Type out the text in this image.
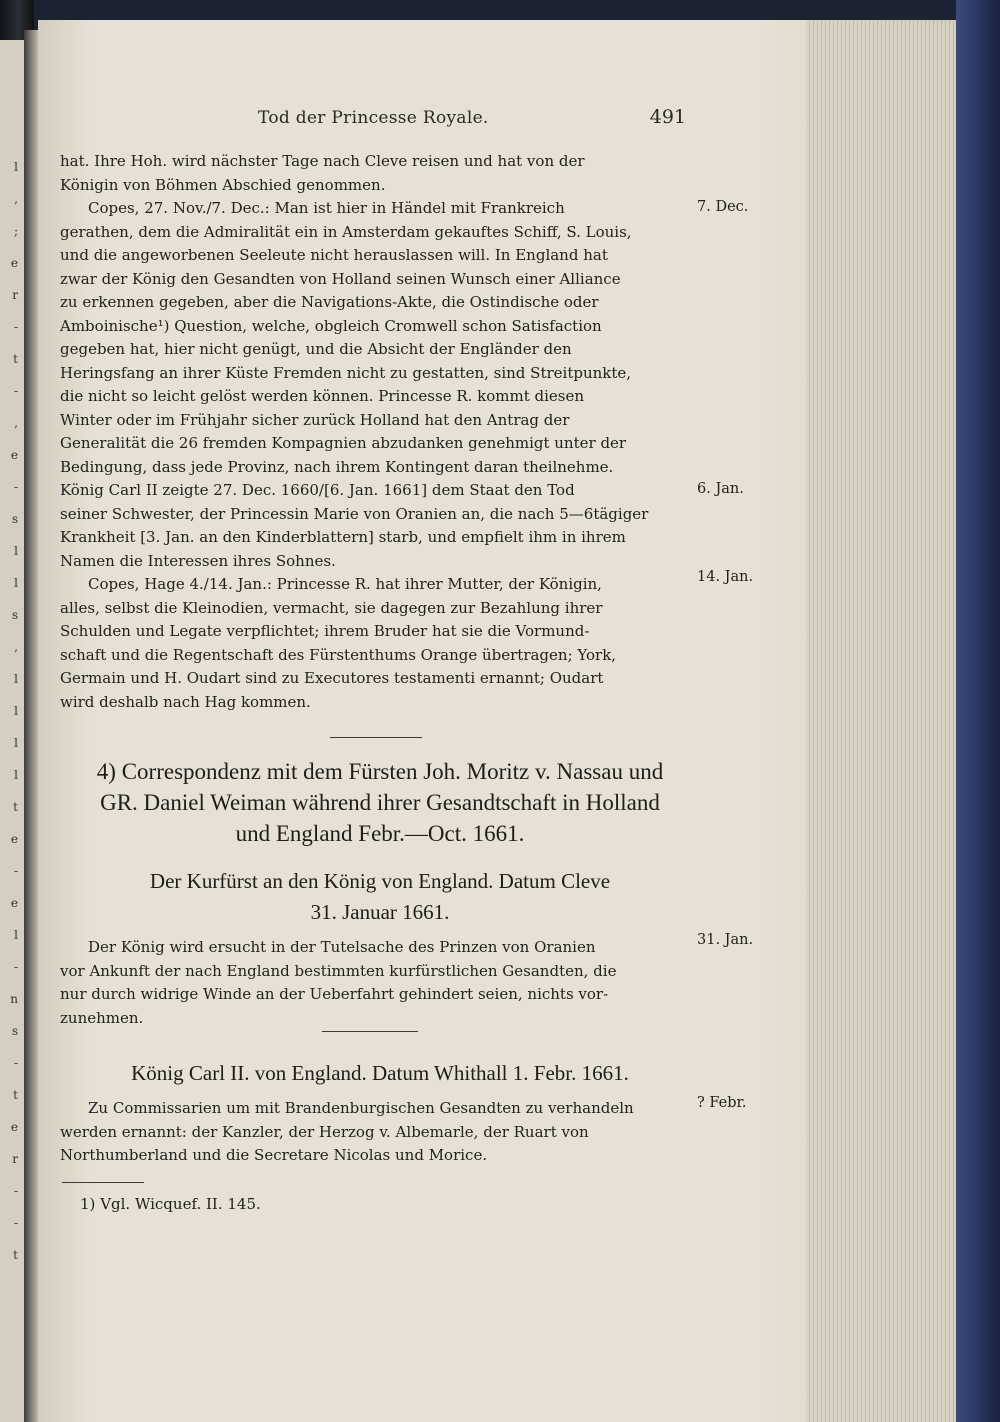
l
,
;
e
r
-
t
-
,
e
-
s
l
l
s
,
l
l
l
l
t
e
-
e
l
-
n
s
-
t
e
r
-
-
t
Tod der Princesse Royale.	491
hat. Ihre Hoh. wird nächster Tage nach Cleve reisen und hat von der
Königin von Böhmen Abschied genommen.
Copes, 27. Nov./7. Dec.: Man ist hier in Händel mit Frankreich
gerathen, dem die Admiralität ein in Amsterdam gekauftes Schiff, S. Louis,
und die angeworbenen Seeleute nicht herauslassen will. In England hat
zwar der König den Gesandten von Holland seinen Wunsch einer Alliance
zu erkennen gegeben, aber die Navigations-Akte, die Ostindische oder
Amboinische¹) Question, welche, obgleich Cromwell schon Satisfaction
gegeben hat, hier nicht genügt, und die Absicht der Engländer den
Heringsfang an ihrer Küste Fremden nicht zu gestatten, sind Streitpunkte,
die nicht so leicht gelöst werden können. Princesse R. kommt diesen
Winter oder im Frühjahr sicher zurück Holland hat den Antrag der
Generalität die 26 fremden Kompagnien abzudanken genehmigt unter der
Bedingung, dass jede Provinz, nach ihrem Kontingent daran theilnehme.
König Carl II zeigte 27. Dec. 1660/[6. Jan. 1661] dem Staat den Tod
seiner Schwester, der Princessin Marie von Oranien an, die nach 5—6tägiger
Krankheit [3. Jan. an den Kinderblattern] starb, und empfielt ihm in ihrem
Namen die Interessen ihres Sohnes.
Copes, Hage 4./14. Jan.: Princesse R. hat ihrer Mutter, der Königin,
alles, selbst die Kleinodien, vermacht, sie dagegen zur Bezahlung ihrer
Schulden und Legate verpflichtet; ihrem Bruder hat sie die Vormund-
schaft und die Regentschaft des Fürstenthums Orange übertragen; York,
Germain und H. Oudart sind zu Executores testamenti ernannt; Oudart
wird deshalb nach Hag kommen.
7. Dec.
6. Jan.
14. Jan.
4) Correspondenz mit dem Fürsten Joh. Moritz v. Nassau und
GR. Daniel Weiman während ihrer Gesandtschaft in Holland
und England Febr.—Oct. 1661.
Der Kurfürst an den König von England. Datum Cleve
31. Januar 1661.
Der König wird ersucht in der Tutelsache des Prinzen von Oranien
vor Ankunft der nach England bestimmten kurfürstlichen Gesandten, die
nur durch widrige Winde an der Ueberfahrt gehindert seien, nichts vor-
zunehmen.
31. Jan.
König Carl II. von England. Datum Whithall 1. Febr. 1661.
Zu Commissarien um mit Brandenburgischen Gesandten zu verhandeln
werden ernannt: der Kanzler, der Herzog v. Albemarle, der Ruart von
Northumberland und die Secretare Nicolas und Morice.
? Febr.
1) Vgl. Wicquef. II. 145.
